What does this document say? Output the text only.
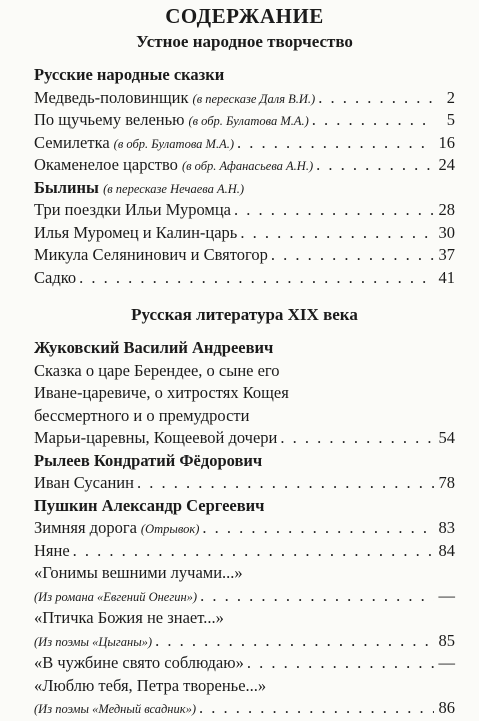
СОДЕРЖАНИЕ
Устное народное творчество
Русские народные сказки
Медведь-половинщик (в пересказе Даля В.И.) . . .	2
По щучьему веленью (в обр. Булатова М.А.) . . .	5
Семилетка (в обр. Булатова М.А.) . . .	16
Окаменелое царство (в обр. Афанасьева А.Н.) . . .	24
Былины (в пересказе Нечаева А.Н.)
Три поездки Ильи Муромца . . .	28
Илья Муромец и Калин-царь . . .	30
Микула Селянинович и Святогор . . .	37
Садко . . .	41
Русская литература XIX века
Жуковский Василий Андреевич
Сказка о царе Берендее, о сыне его
Иване-царевиче, о хитростях Кощея
бессмертного и о премудрости
Марьи-царевны, Кощеевой дочери . . .	54
Рылеев Кондратий Фёдорович
Иван Сусанин . . .	78
Пушкин Александр Сергеевич
Зимняя дорога (Отрывок) . . .	83
Няне . . .	84
«Гонимы вешними лучами...»
(Из романа «Евгений Онегин») . . .	—
«Птичка Божия не знает...»
(Из поэмы «Цыганы») . . .	85
«В чужбине свято соблюдаю» . . .	—
«Люблю тебя, Петра творенье...»
(Из поэмы «Медный всадник») . . .	86
